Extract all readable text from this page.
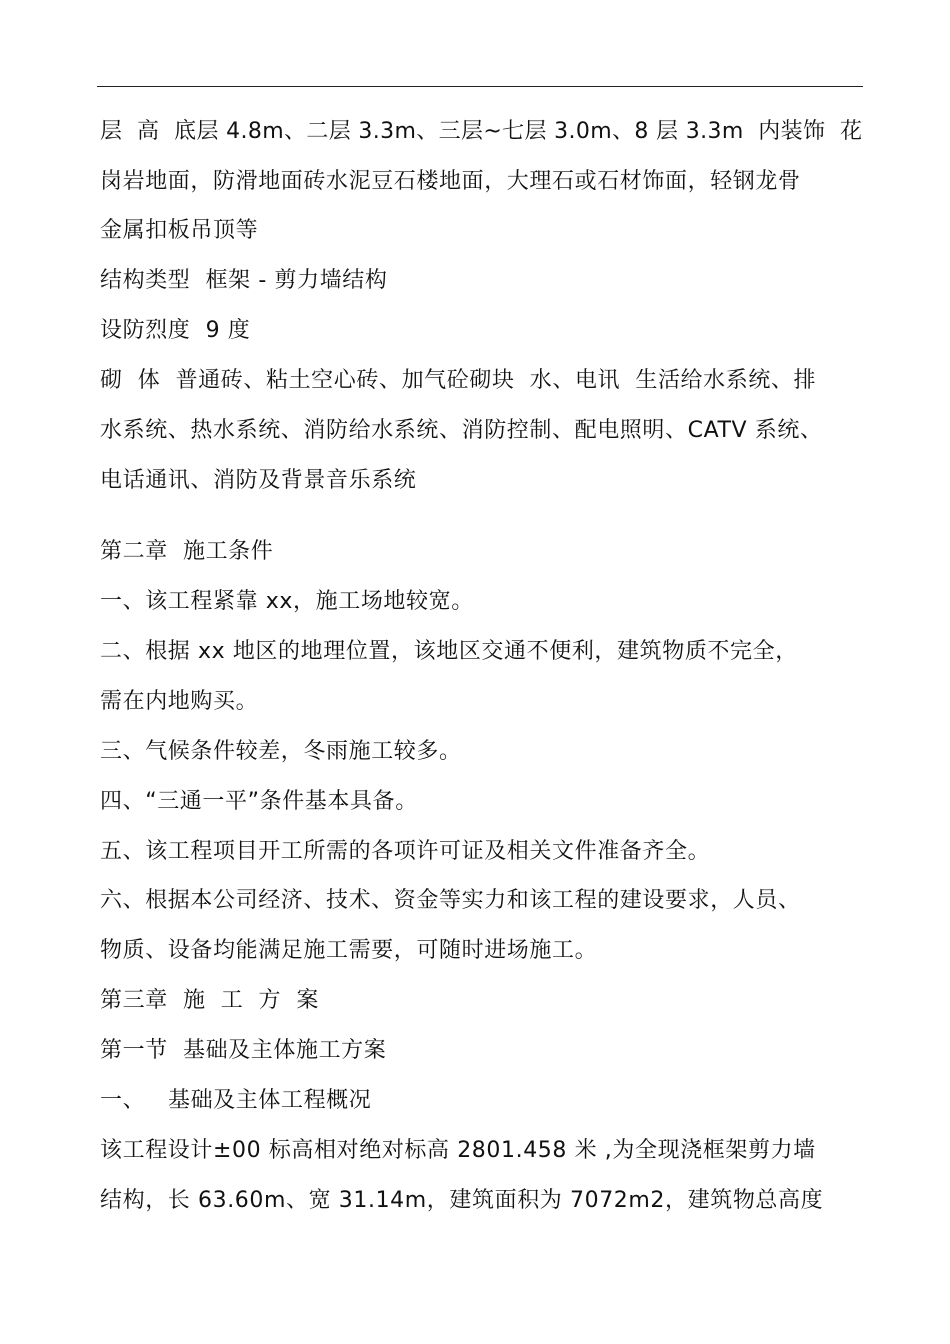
层  高  底层 4.8m、二层 3.3m、三层~七层 3.0m、8 层 3.3m  内装饰  花
岗岩地面，防滑地面砖水泥豆石楼地面，大理石或石材饰面，轻钢龙骨
金属扣板吊顶等
结构类型  框架 - 剪力墙结构
设防烈度  9 度
砌  体  普通砖、粘土空心砖、加气砼砌块  水、电讯  生活给水系统、排
水系统、热水系统、消防给水系统、消防控制、配电照明、CATV 系统、
电话通讯、消防及背景音乐系统
第二章  施工条件
一、该工程紧靠 xx，施工场地较宽。
二、根据 xx 地区的地理位置，该地区交通不便利，建筑物质不完全，
需在内地购买。
三、气候条件较差，冬雨施工较多。
四、“三通一平”条件基本具备。
五、该工程项目开工所需的各项许可证及相关文件准备齐全。
六、根据本公司经济、技术、资金等实力和该工程的建设要求，人员、
物质、设备均能满足施工需要，可随时进场施工。
第三章  施  工  方  案
第一节  基础及主体施工方案
一、   基础及主体工程概况
该工程设计±00 标高相对绝对标高 2801.458 米 ,为全现浇框架剪力墙
结构，长 63.60m、宽 31.14m，建筑面积为 7072m2，建筑物总高度
